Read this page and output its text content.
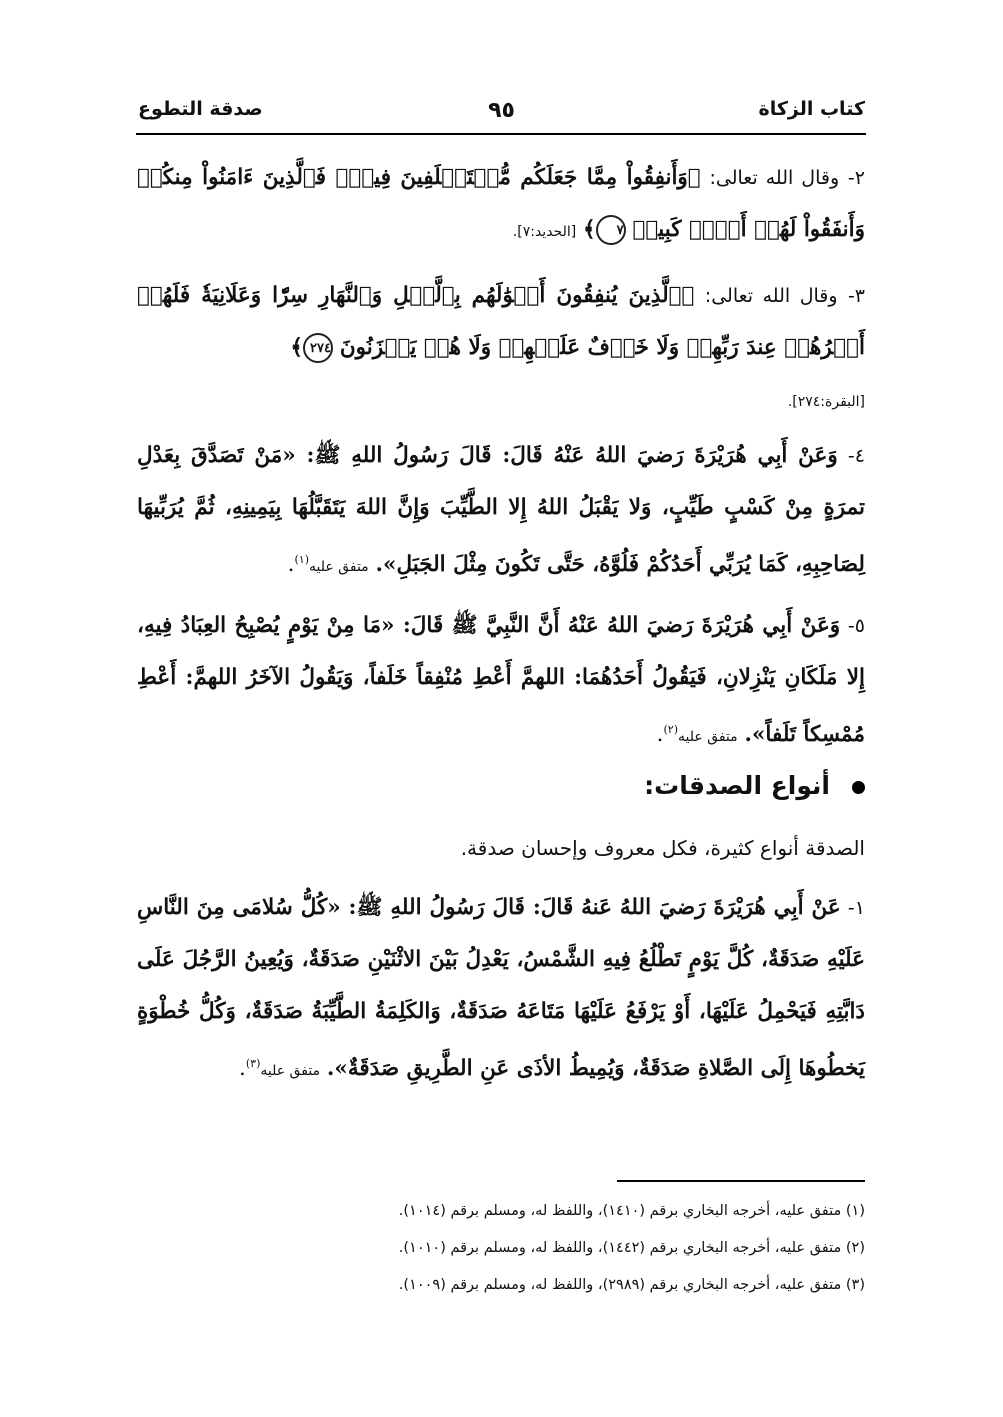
كتاب الزكاة
٩٥
صدقة التطوع
٢- وقال الله تعالى: ﴿وَأَنفِقُواْ مِمَّا جَعَلَكُم مُّسۡتَخۡلَفِينَ فِيهِۖ فَٱلَّذِينَ ءَامَنُواْ مِنكُمۡ وَأَنفَقُواْ لَهُمۡ أَجۡرٞ كَبِيرٞ ٧﴾ [الحديد:٧].
٣- وقال الله تعالى: ﴿ٱلَّذِينَ يُنفِقُونَ أَمۡوَٰلَهُم بِٱلَّيۡلِ وَٱلنَّهَارِ سِرّٗا وَعَلَانِيَةٗ فَلَهُمۡ أَجۡرُهُمۡ عِندَ رَبِّهِمۡ وَلَا خَوۡفٌ عَلَيۡهِمۡ وَلَا هُمۡ يَحۡزَنُونَ ٢٧٤﴾
[البقرة:٢٧٤].
٤- وَعَنْ أَبِي هُرَيْرَةَ رَضيَ اللهُ عَنْهُ قَالَ: قَالَ رَسُولُ اللهِ ﷺ: «مَنْ تَصَدَّقَ بِعَدْلِ تمرَةٍ مِنْ كَسْبٍ طَيِّبٍ، وَلا يَقْبَلُ اللهُ إِلا الطَّيِّبَ وَإِنَّ اللهَ يَتَقَبَّلُهَا بِيَمِينِهِ، ثُمَّ يُرَبِّيهَا لِصَاحِبِهِ، كَمَا يُرَبِّي أَحَدُكُمْ فَلُوَّهُ، حَتَّى تَكُونَ مِثْلَ الجَبَلِ». متفق عليه$^{(١)}$.
٥- وَعَنْ أَبِي هُرَيْرَةَ رَضيَ اللهُ عَنْهُ أَنَّ النَّبِيَّ ﷺ قَالَ: «مَا مِنْ يَوْمٍ يُصْبِحُ العِبَادُ فِيهِ، إِلا مَلَكَانِ يَنْزِلانِ، فَيَقُولُ أَحَدُهُمَا: اللهمَّ أَعْطِ مُنْفِقاً خَلَفاً، وَيَقُولُ الآخَرُ اللهمَّ: أَعْطِ مُمْسِكاً تَلَفاً». متفق عليه$^{(٢)}$.
أنواع الصدقات:
الصدقة أنواع كثيرة، فكل معروف وإحسان صدقة.
١- عَنْ أَبِي هُرَيْرَةَ رَضيَ اللهُ عَنهُ قَالَ: قَالَ رَسُولُ اللهِ ﷺ: «كُلُّ سُلامَى مِنَ النَّاسِ عَلَيْهِ صَدَقَةٌ، كُلَّ يَوْمٍ تَطْلُعُ فِيهِ الشَّمْسُ، يَعْدِلُ بَيْنَ الاثْنَيْنِ صَدَقَةٌ، وَيُعِينُ الرَّجُلَ عَلَى دَابَّتِهِ فَيَحْمِلُ عَلَيْهَا، أَوْ يَرْفَعُ عَلَيْهَا مَتَاعَهُ صَدَقَةٌ، وَالكَلِمَةُ الطَّيِّبَةُ صَدَقَةٌ، وَكُلُّ خُطْوَةٍ يَخطُوهَا إِلَى الصَّلاةِ صَدَقَةٌ، وَيُمِيطُ الأذَى عَنِ الطَّرِيقِ صَدَقَةٌ». متفق عليه$^{(٣)}$.
(١) متفق عليه، أخرجه البخاري برقم (١٤١٠)، واللفظ له، ومسلم برقم (١٠١٤).
(٢) متفق عليه، أخرجه البخاري برقم (١٤٤٢)، واللفظ له، ومسلم برقم (١٠١٠).
(٣) متفق عليه، أخرجه البخاري برقم (٢٩٨٩)، واللفظ له، ومسلم برقم (١٠٠٩).
